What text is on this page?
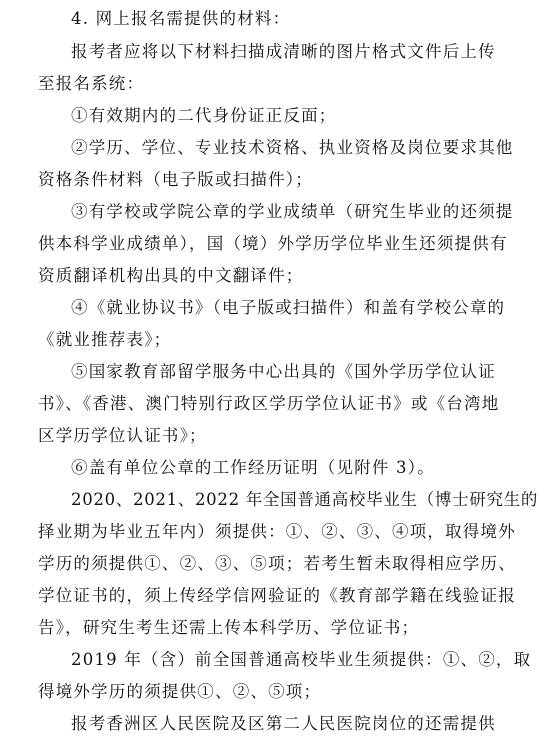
4. 网上报名需提供的材料：
报考者应将以下材料扫描成清晰的图片格式文件后上传
至报名系统：
①有效期内的二代身份证正反面；
②学历、学位、专业技术资格、执业资格及岗位要求其他
资格条件材料（电子版或扫描件）；
③有学校或学院公章的学业成绩单（研究生毕业的还须提
供本科学业成绩单），国（境）外学历学位毕业生还须提供有
资质翻译机构出具的中文翻译件；
④《就业协议书》（电子版或扫描件）和盖有学校公章的
《就业推荐表》；
⑤国家教育部留学服务中心出具的《国外学历学位认证
书》、《香港、澳门特别行政区学历学位认证书》或《台湾地
区学历学位认证书》；
⑥盖有单位公章的工作经历证明（见附件 3）。
2020、2021、2022 年全国普通高校毕业生（博士研究生的
择业期为毕业五年内）须提供：①、②、③、④项，取得境外
学历的须提供①、②、③、⑤项；若考生暂未取得相应学历、
学位证书的，须上传经学信网验证的《教育部学籍在线验证报
告》，研究生考生还需上传本科学历、学位证书；
2019 年（含）前全国普通高校毕业生须提供：①、②，取
得境外学历的须提供①、②、⑤项；
报考香洲区人民医院及区第二人民医院岗位的还需提供
